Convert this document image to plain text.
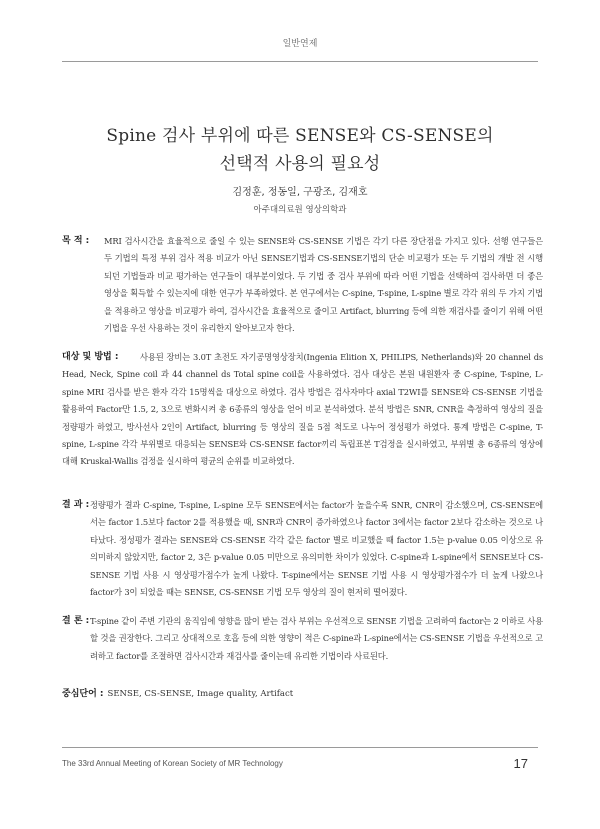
일반연제
Spine 검사 부위에 따른 SENSE와 CS-SENSE의
선택적 사용의 필요성
김정훈, 정동일, 구광조, 김재호
아주대의료원 영상의학과
목 적 :	MRI 검사시간을 효율적으로 줄일 수 있는 SENSE와 CS-SENSE 기법은 각기 다른 장단점을 가지고 있다. 선행 연구들은 두 기법의 특정 부위 검사 적용 비교가 아닌 SENSE기법과 CS-SENSE기법의 단순 비교평가 또는 두 기법의 개발 전 시행되던 기법들과 비교 평가하는 연구들이 대부분이었다. 두 기법 중 검사 부위에 따라 어떤 기법을 선택하여 검사하면 더 좋은 영상을 획득할 수 있는지에 대한 연구가 부족하였다. 본 연구에서는 C-spine, T-spine, L-spine 별로 각각 위의 두 가지 기법을 적용하고 영상을 비교평가 하여, 검사시간을 효율적으로 줄이고 Artifact, blurring 등에 의한 재검사를 줄이기 위해 어떤 기법을 우선 사용하는 것이 유리한지 알아보고자 한다.
대상 및 방법 :	사용된 장비는 3.0T 초전도 자기공명영상장치(Ingenia Elition X, PHILIPS, Netherlands)와 20 channel ds Head, Neck, Spine coil 과 44 channel ds Total spine coil을 사용하였다. 검사 대상은 본원 내원환자 중 C-spine, T-spine, L-spine MRI 검사를 받은 환자 각각 15명씩을 대상으로 하였다. 검사 방법은 검사자마다 axial T2WI를 SENSE와 CS-SENSE 기법을 활용하여 Factor만 1.5, 2, 3으로 변화시켜 총 6종류의 영상을 얻어 비교 분석하였다. 분석 방법은 SNR, CNR을 측정하여 영상의 질을 정량평가 하였고, 방사선사 2인이 Artifact, blurring 등 영상의 질을 5점 척도로 나누어 정성평가 하였다. 통계 방법은 C-spine, T-spine, L-spine 각각 부위별로 대응되는 SENSE와 CS-SENSE factor끼리 독립표본 T검정을 실시하였고, 부위별 총 6종류의 영상에 대해 Kruskal-Wallis 검정을 실시하여 평균의 순위를 비교하였다.
결 과 : 정량평가 결과 C-spine, T-spine, L-spine 모두 SENSE에서는 factor가 높을수록 SNR, CNR이 감소했으며, CS-SENSE에서는 factor 1.5보다 factor 2를 적용했을 때, SNR과 CNR이 증가하였으나 factor 3에서는 factor 2보다 감소하는 것으로 나타났다. 정성평가 결과는 SENSE와 CS-SENSE 각각 같은 factor 별로 비교했을 때 factor 1.5는 p-value 0.05 이상으로 유의미하지 않았지만, factor 2, 3은 p-value 0.05 미만으로 유의미한 차이가 있었다. C-spine과 L-spine에서 SENSE보다 CS-SENSE 기법 사용 시 영상평가점수가 높게 나왔다. T-spine에서는 SENSE 기법 사용 시 영상평가점수가 더 높게 나왔으나 factor가 3이 되었을 때는 SENSE, CS-SENSE 기법 모두 영상의 질이 현저히 떨어졌다.
결 론 : T-spine 같이 주변 기관의 움직임에 영향을 많이 받는 검사 부위는 우선적으로 SENSE 기법을 고려하여 factor는 2 이하로 사용할 것을 권장한다. 그리고 상대적으로 호흡 등에 의한 영향이 적은 C-spine과 L-spine에서는 CS-SENSE 기법을 우선적으로 고려하고 factor를 조절하면 검사시간과 재검사를 줄이는데 유리한 기법이라 사료된다.
중심단어 : SENSE, CS-SENSE, Image quality, Artifact
The 33rd Annual Meeting of Korean Society of MR Technology	17
